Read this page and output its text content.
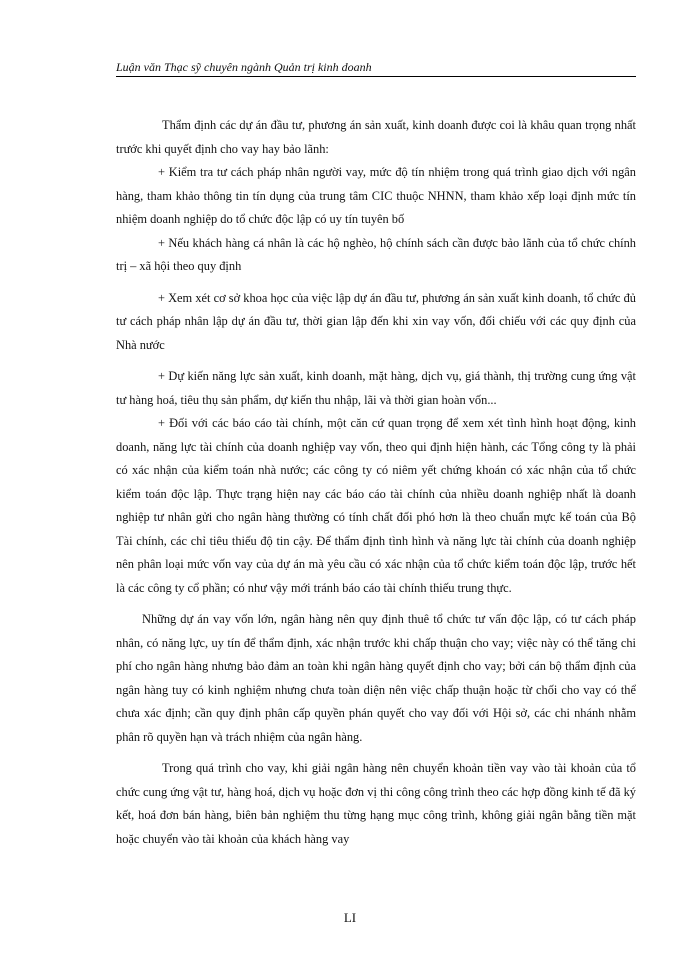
Luận văn Thạc sỹ chuyên ngành Quản trị kinh doanh

Thẩm định các dự án đầu tư, phương án sản xuất, kinh doanh được coi là khâu quan trọng nhất trước khi quyết định cho vay hay bảo lãnh:

+ Kiểm tra tư cách pháp nhân người vay, mức độ tín nhiệm trong quá trình giao dịch với ngân hàng, tham khảo thông tin tín dụng của trung tâm CIC thuộc NHNN, tham khảo xếp loại định mức tín nhiệm doanh nghiệp do tổ chức độc lập có uy tín tuyên bố

+ Nếu khách hàng cá nhân là các hộ nghèo, hộ chính sách cần được bảo lãnh của tổ chức chính trị – xã hội theo quy định

+ Xem xét cơ sở khoa học của việc lập dự án đầu tư, phương án sản xuất kinh doanh, tổ chức đủ tư cách pháp nhân lập dự án đầu tư, thời gian lập đến khi xin vay vốn, đối chiếu với các quy định của Nhà nước

+ Dự kiến năng lực sản xuất, kinh doanh, mặt hàng, dịch vụ, giá thành, thị trường cung ứng vật tư hàng hoá, tiêu thụ sản phẩm, dự kiến thu nhập, lãi và thời gian hoàn vốn...

+ Đối với các báo cáo tài chính, một căn cứ quan trọng để xem xét tình hình hoạt động, kinh doanh, năng lực tài chính của doanh nghiệp vay vốn, theo qui định hiện hành, các Tổng công ty là phải có xác nhận của kiểm toán nhà nước; các công ty có niêm yết chứng khoán có xác nhận của tổ chức kiểm toán độc lập. Thực trạng hiện nay các báo cáo tài chính của nhiều doanh nghiệp nhất là doanh nghiệp tư nhân gửi cho ngân hàng thường có tính chất đối phó hơn là theo chuẩn mực kế toán của Bộ Tài chính, các chỉ tiêu thiếu độ tin cậy. Để thẩm định tình hình và năng lực tài chính của doanh nghiệp nên phân loại mức vốn vay của dự án mà yêu cầu có xác nhận của tổ chức kiểm toán độc lập, trước hết là các công ty cổ phần; có như vậy mới tránh báo cáo tài chính thiếu trung thực.

Những dự án vay vốn lớn, ngân hàng nên quy định thuê tổ chức tư vấn độc lập, có tư cách pháp nhân, có năng lực, uy tín để thẩm định, xác nhận trước khi chấp thuận cho vay; việc này có thể tăng chi phí cho ngân hàng nhưng bảo đảm an toàn khi ngân hàng quyết định cho vay; bởi cán bộ thẩm định của ngân hàng tuy có kinh nghiệm nhưng chưa toàn diện nên việc chấp thuận hoặc từ chối cho vay có thể chưa xác định; cần quy định phân cấp quyền phán quyết cho vay đối với Hội sở, các chi nhánh nhằm phân rõ quyền hạn và trách nhiệm của ngân hàng.

Trong quá trình cho vay, khi giải ngân hàng nên chuyển khoản tiền vay vào tài khoản của tổ chức cung ứng vật tư, hàng hoá, dịch vụ hoặc đơn vị thi công công trình theo các hợp đồng kinh tế đã ký kết, hoá đơn bán hàng, biên bản nghiệm thu từng hạng mục công trình, không giải ngân bằng tiền mặt hoặc chuyển vào tài khoản của khách hàng vay

LI
